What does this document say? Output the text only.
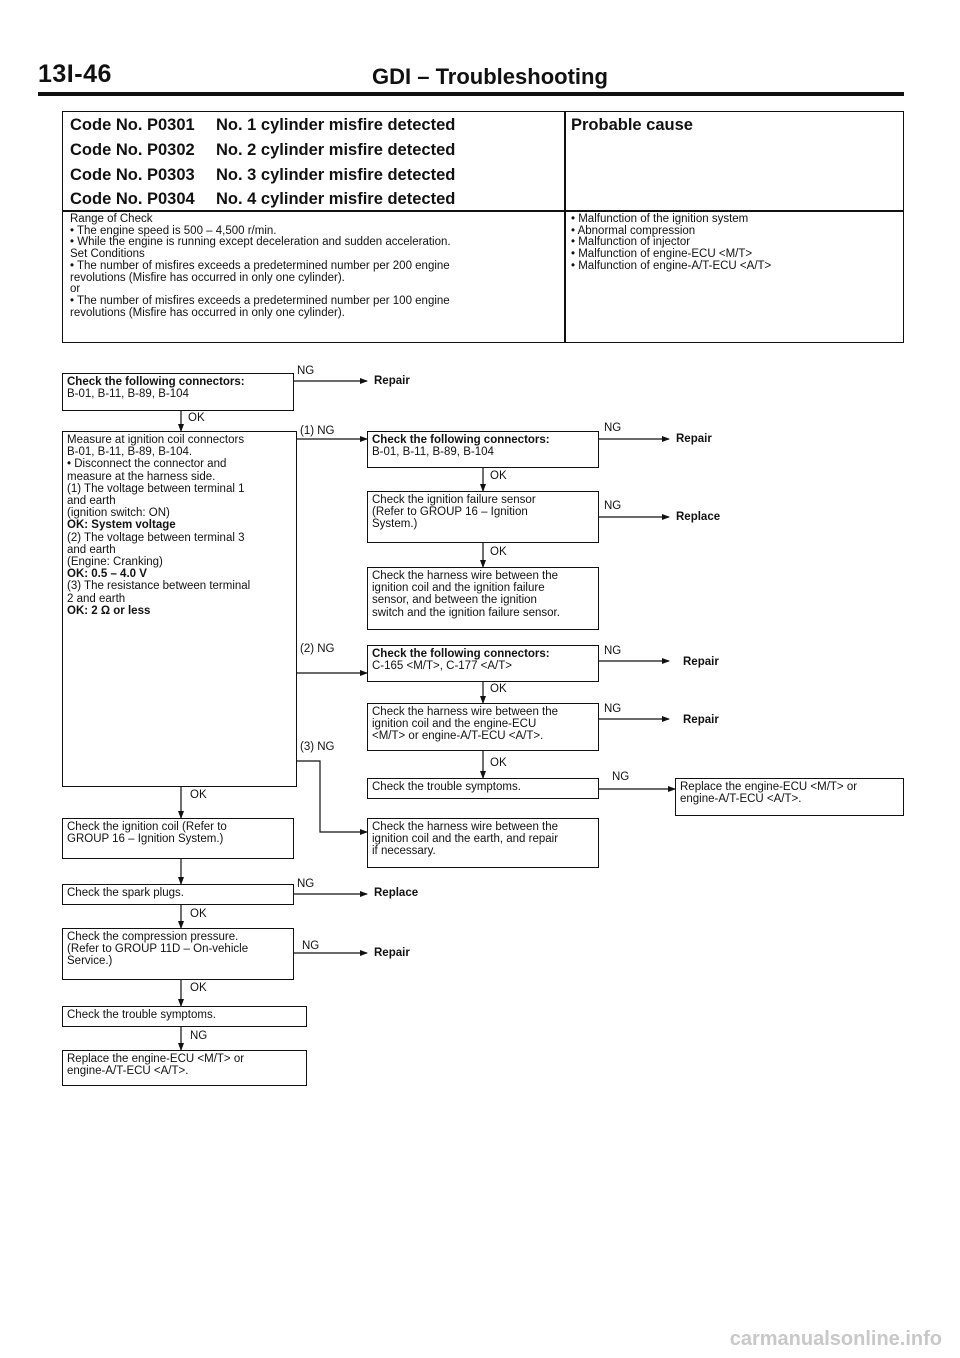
13I-46	GDI – Troubleshooting
Code No. P0301 No. 1 cylinder misfire detected
Code No. P0302 No. 2 cylinder misfire detected
Code No. P0303 No. 3 cylinder misfire detected
Code No. P0304 No. 4 cylinder misfire detected
Probable cause
Range of Check
• The engine speed is 500 – 4,500 r/min.
• While the engine is running except deceleration and sudden acceleration.
Set Conditions
• The number of misfires exceeds a predetermined number per 200 engine
revolutions (Misfire has occurred in only one cylinder).
or
• The number of misfires exceeds a predetermined number per 100 engine
revolutions (Misfire has occurred in only one cylinder).
• Malfunction of the ignition system
• Abnormal compression
• Malfunction of injector
• Malfunction of engine-ECU <M/T>
• Malfunction of engine-A/T-ECU <A/T>
Check the following connectors:
B-01, B-11, B-89, B-104
Measure at ignition coil connectors
B-01, B-11, B-89, B-104.
• Disconnect the connector and
measure at the harness side.
(1) The voltage between terminal 1
and earth
(ignition switch: ON)
OK: System voltage
(2) The voltage between terminal 3
and earth
(Engine: Cranking)
OK: 0.5 – 4.0 V
(3) The resistance between terminal
2 and earth
OK: 2 Ω or less
Check the ignition coil (Refer to
GROUP 16 – Ignition System.)
Check the spark plugs.
Check the compression pressure.
(Refer to GROUP 11D – On-vehicle
Service.)
Check the trouble symptoms.
Replace the engine-ECU <M/T> or
engine-A/T-ECU <A/T>.
Check the following connectors:
B-01, B-11, B-89, B-104
Check the ignition failure sensor
(Refer to GROUP 16 – Ignition
System.)
Check the harness wire between the
ignition coil and the ignition failure
sensor, and between the ignition
switch and the ignition failure sensor.
Check the following connectors:
C-165 <M/T>, C-177 <A/T>
Check the harness wire between the
ignition coil and the engine-ECU
<M/T> or engine-A/T-ECU <A/T>.
Check the trouble symptoms.	Replace the engine-ECU <M/T> or
engine-A/T-ECU <A/T>.
Check the harness wire between the
ignition coil and the earth, and repair
if necessary.
NG
Repair
OK
(1) NG
(2) NG
(3) NG
OK
NG
Replace
OK
NG
Repair
OK
NG
NG
Repair
OK
NG
Replace
OK
NG
Repair
OK
NG
Repair
OK
NG
carmanualsonline.info
